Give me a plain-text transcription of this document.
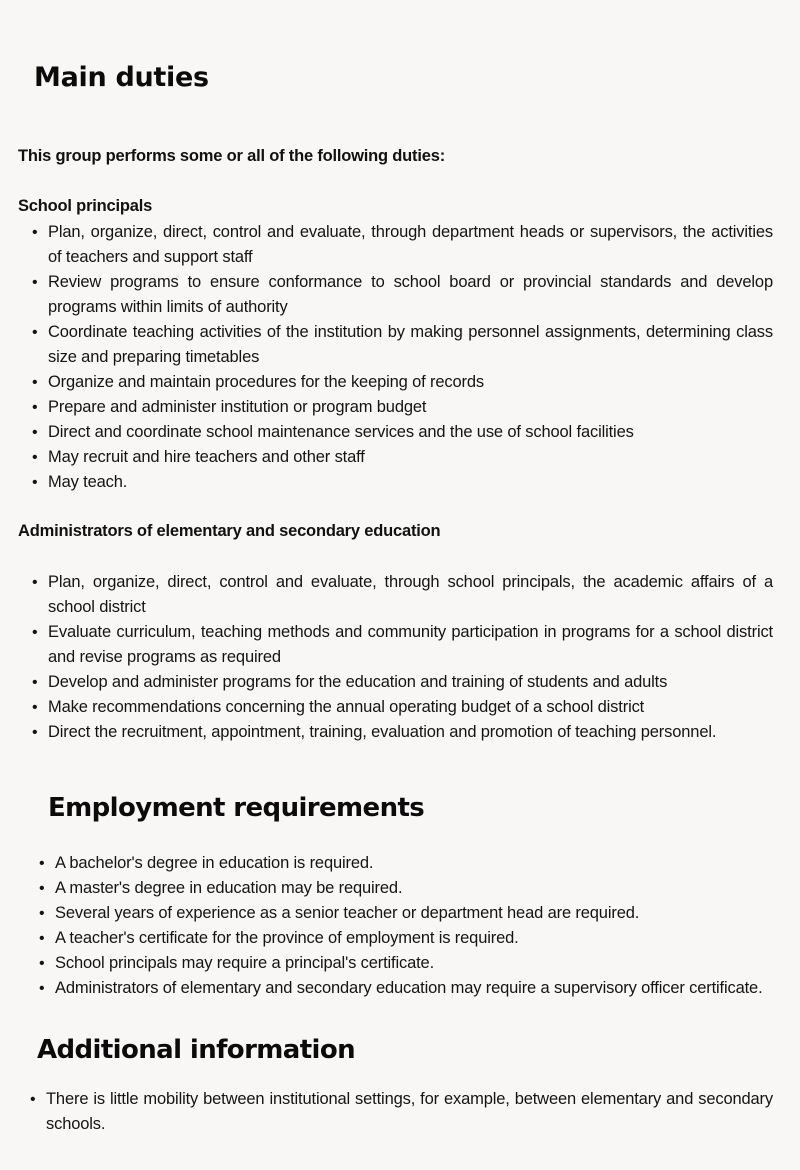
Main duties

This group performs some or all of the following duties:

School principals

• Plan, organize, direct, control and evaluate, through department heads or supervisors, the activities of teachers and support staff
• Review programs to ensure conformance to school board or provincial standards and develop programs within limits of authority
• Coordinate teaching activities of the institution by making personnel assignments, determining class size and preparing timetables
• Organize and maintain procedures for the keeping of records
• Prepare and administer institution or program budget
• Direct and coordinate school maintenance services and the use of school facilities
• May recruit and hire teachers and other staff
• May teach.

Administrators of elementary and secondary education

• Plan, organize, direct, control and evaluate, through school principals, the academic affairs of a school district
• Evaluate curriculum, teaching methods and community participation in programs for a school district and revise programs as required
• Develop and administer programs for the education and training of students and adults
• Make recommendations concerning the annual operating budget of a school district
• Direct the recruitment, appointment, training, evaluation and promotion of teaching personnel.
Employment requirements
• A bachelor's degree in education is required.
• A master's degree in education may be required.
• Several years of experience as a senior teacher or department head are required.
• A teacher's certificate for the province of employment is required.
• School principals may require a principal's certificate.
• Administrators of elementary and secondary education may require a supervisory officer certificate.
Additional information
• There is little mobility between institutional settings, for example, between elementary and secondary schools.
